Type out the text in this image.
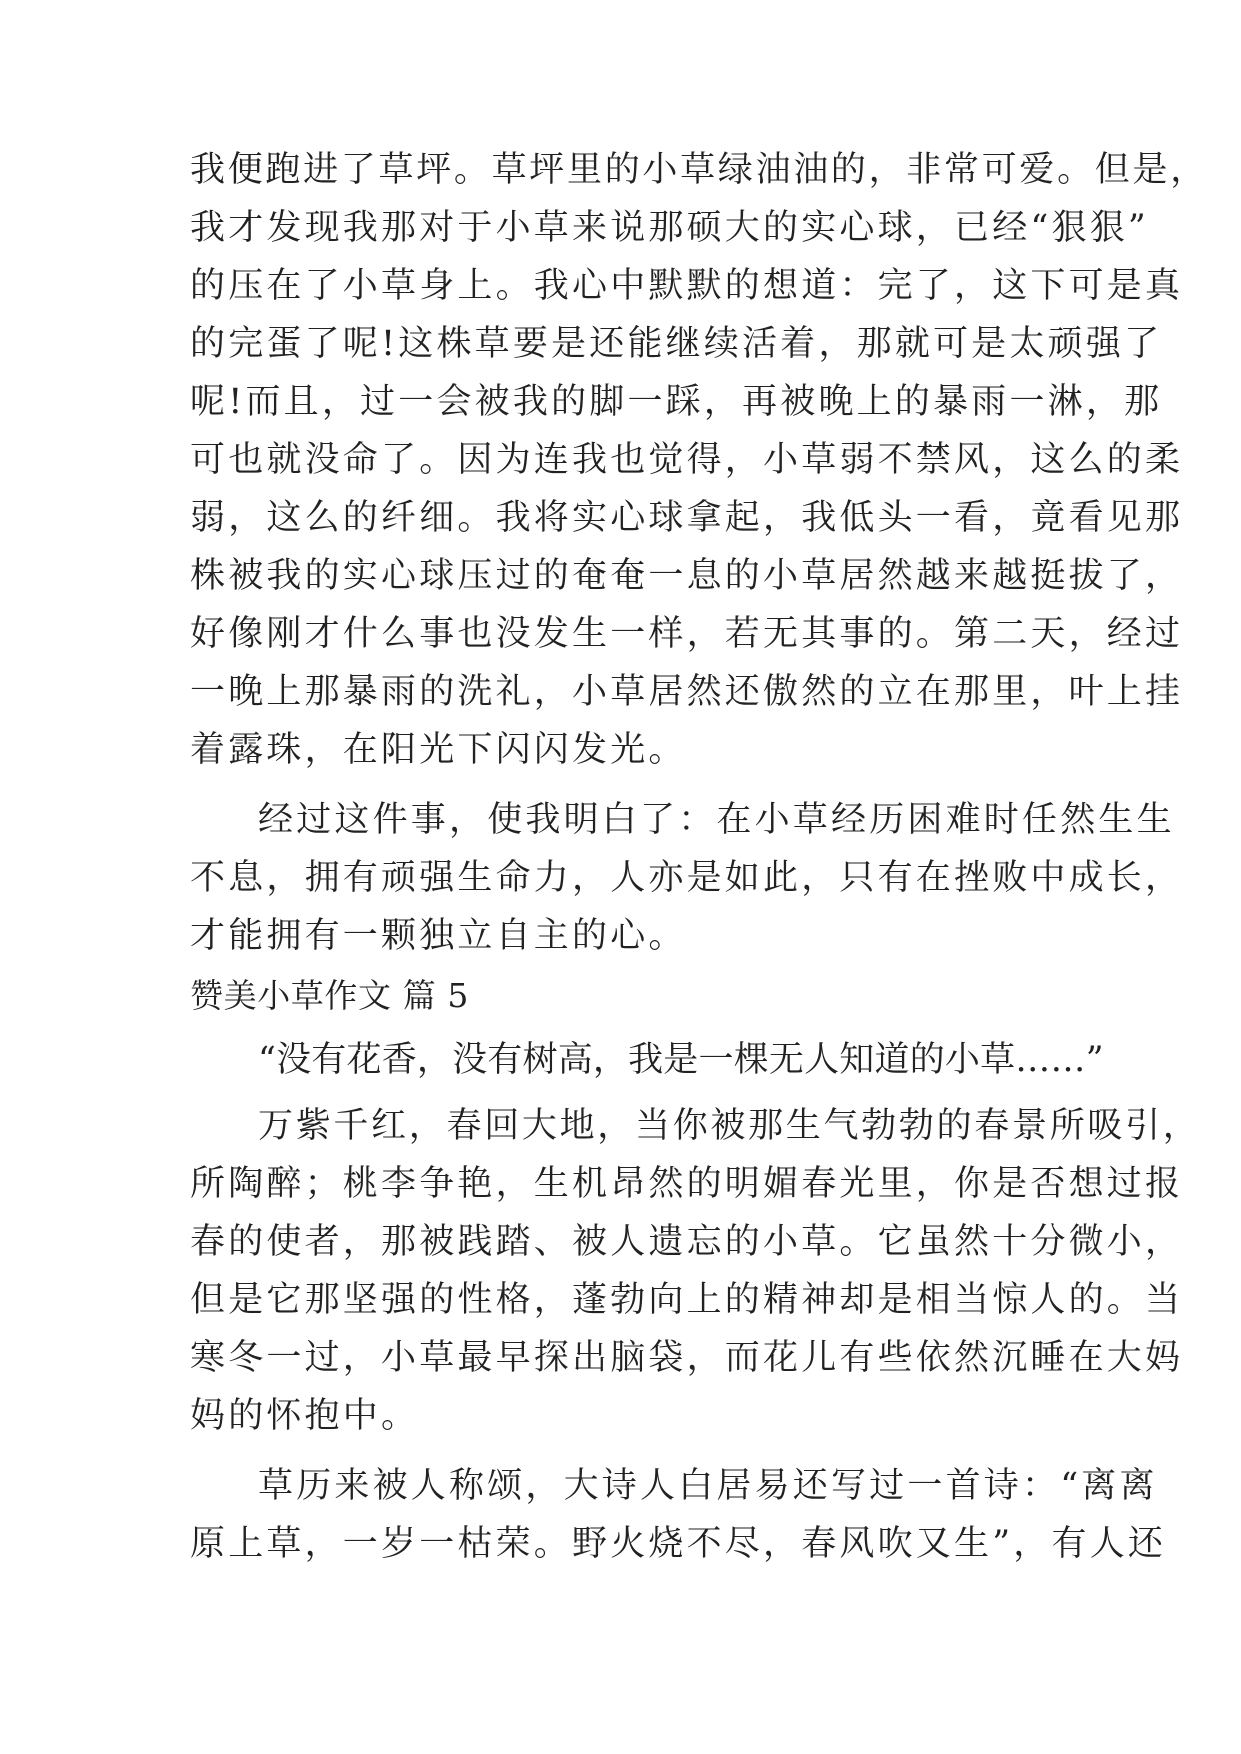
我便跑进了草坪。草坪里的小草绿油油的，非常可爱。但是，
我才发现我那对于小草来说那硕大的实心球，已经“狠狠”
的压在了小草身上。我心中默默的想道：完了，这下可是真
的完蛋了呢!这株草要是还能继续活着，那就可是太顽强了
呢!而且，过一会被我的脚一踩，再被晚上的暴雨一淋，那
可也就没命了。因为连我也觉得，小草弱不禁风，这么的柔
弱，这么的纤细。我将实心球拿起，我低头一看，竟看见那
株被我的实心球压过的奄奄一息的小草居然越来越挺拔了，
好像刚才什么事也没发生一样，若无其事的。第二天，经过
一晚上那暴雨的洗礼，小草居然还傲然的立在那里，叶上挂
着露珠，在阳光下闪闪发光。
经过这件事，使我明白了：在小草经历困难时任然生生
不息，拥有顽强生命力，人亦是如此，只有在挫败中成长，
才能拥有一颗独立自主的心。
赞美小草作文 篇 5
“没有花香，没有树高，我是一棵无人知道的小草……”
万紫千红，春回大地，当你被那生气勃勃的春景所吸引，
所陶醉；桃李争艳，生机昂然的明媚春光里，你是否想过报
春的使者，那被践踏、被人遗忘的小草。它虽然十分微小，
但是它那坚强的性格，蓬勃向上的精神却是相当惊人的。当
寒冬一过，小草最早探出脑袋，而花儿有些依然沉睡在大妈
妈的怀抱中。
草历来被人称颂，大诗人白居易还写过一首诗：“离离
原上草，一岁一枯荣。野火烧不尽，春风吹又生”，有人还
